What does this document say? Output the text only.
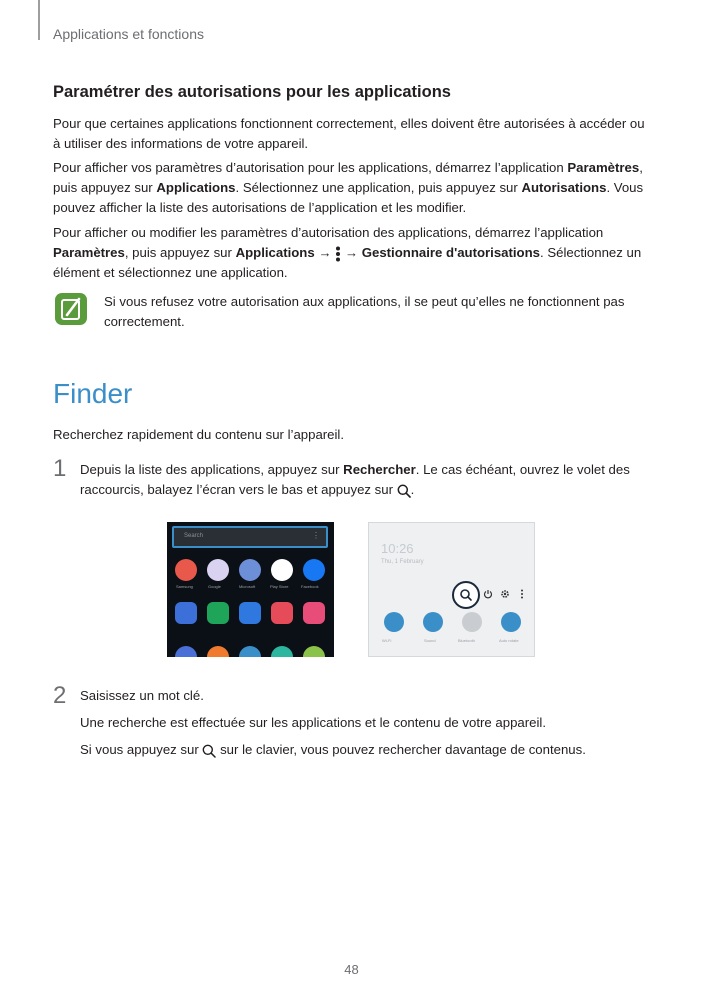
Applications et fonctions
Paramétrer des autorisations pour les applications
Pour que certaines applications fonctionnent correctement, elles doivent être autorisées à accéder ou à utiliser des informations de votre appareil.
Pour afficher vos paramètres d’autorisation pour les applications, démarrez l’application Paramètres, puis appuyez sur Applications. Sélectionnez une application, puis appuyez sur Autorisations. Vous pouvez afficher la liste des autorisations de l’application et les modifier.
Pour afficher ou modifier les paramètres d’autorisation des applications, démarrez l’application Paramètres, puis appuyez sur Applications →  → Gestionnaire d'autorisations. Sélectionnez un élément et sélectionnez une application.
Si vous refusez votre autorisation aux applications, il se peut qu’elles ne fonctionnent pas correctement.
Finder
Recherchez rapidement du contenu sur l’appareil.
1 Depuis la liste des applications, appuyez sur Rechercher. Le cas échéant, ouvrez le volet des raccourcis, balayez l’écran vers le bas et appuyez sur .
Search	⋮
Samsung	Google	Microsoft	Play Store	Facebook
10:26
Thu, 1 February
Wi-Fi	Sound	Bluetooth	Auto rotate
2 Saisissez un mot clé.
Une recherche est effectuée sur les applications et le contenu de votre appareil.
Si vous appuyez sur  sur le clavier, vous pouvez rechercher davantage de contenus.
48
